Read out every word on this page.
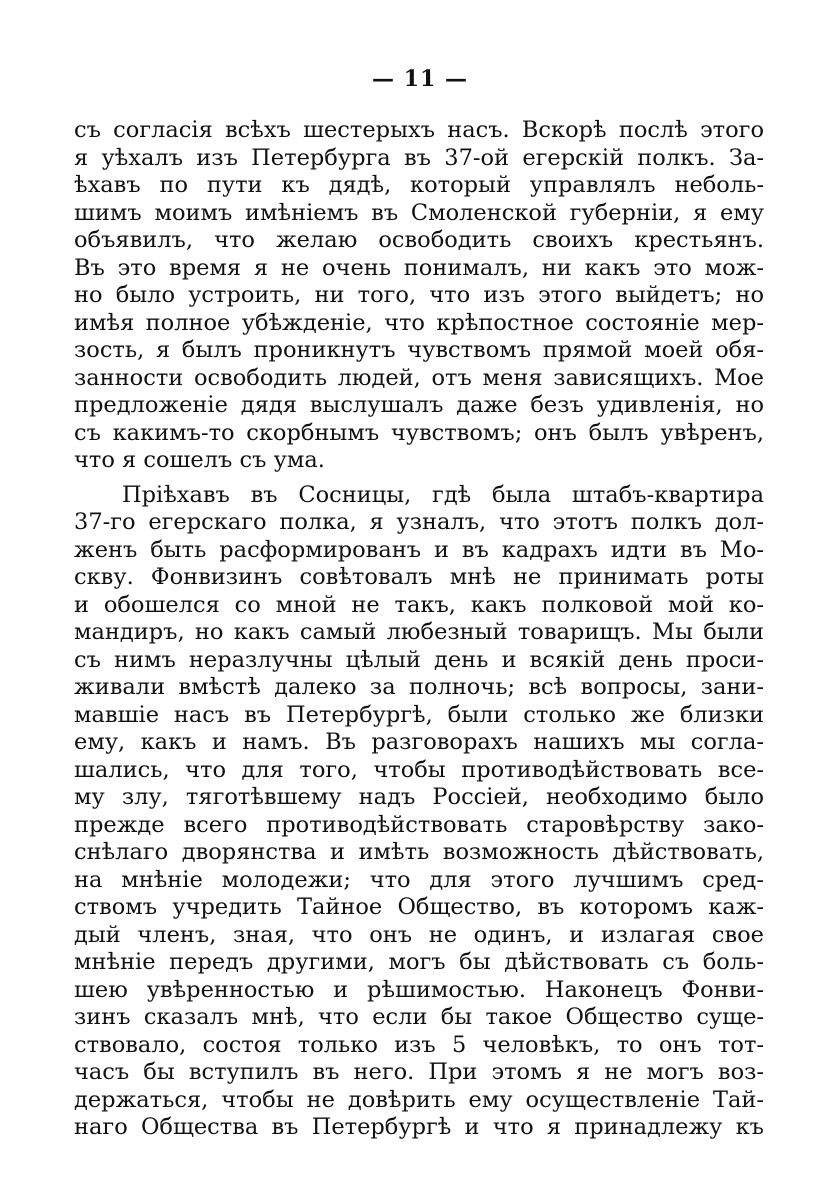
— 11 —
съ согласія всѣхъ шестерыхъ насъ. Вскорѣ послѣ этого
я уѣхалъ изъ Петербурга въ 37-ой егерскій полкъ. За-
ѣхавъ по пути къ дядѣ, который управлялъ неболь-
шимъ моимъ имѣніемъ въ Смоленской губерніи, я ему
объявилъ, что желаю освободить своихъ крестьянъ.
Въ это время я не очень понималъ, ни какъ это мож-
но было устроить, ни того, что изъ этого выйдетъ; но
имѣя полное убѣжденіе, что крѣпостное состояніе мер-
зость, я былъ проникнутъ чувствомъ прямой моей обя-
занности освободить людей, отъ меня зависящихъ. Мое
предложеніе дядя выслушалъ даже безъ удивленія, но
съ какимъ-то скорбнымъ чувствомъ; онъ былъ увѣренъ,
что я сошелъ съ ума.
Пріѣхавъ въ Сосницы, гдѣ была штабъ-квартира
37-го егерскаго полка, я узналъ, что этотъ полкъ дол-
женъ быть расформированъ и въ кадрахъ идти въ Мо-
скву. Фонвизинъ совѣтовалъ мнѣ не принимать роты
и обошелся со мной не такъ, какъ полковой мой ко-
мандиръ, но какъ самый любезный товарищъ. Мы были
съ нимъ неразлучны цѣлый день и всякій день проси-
живали вмѣстѣ далеко за полночь; всѣ вопросы, зани-
мавшіе насъ въ Петербургѣ, были столько же близки
ему, какъ и намъ. Въ разговорахъ нашихъ мы согла-
шались, что для того, чтобы противодѣйствовать все-
му злу, тяготѣвшему надъ Россіей, необходимо было
прежде всего противодѣйствовать старовѣрству зако-
снѣлаго дворянства и имѣть возможность дѣйствовать,
на мнѣніе молодежи; что для этого лучшимъ сред-
ствомъ учредить Тайное Общество, въ которомъ каж-
дый членъ, зная, что онъ не одинъ, и излагая свое
мнѣніе передъ другими, могъ бы дѣйствовать съ боль-
шею увѣренностью и рѣшимостью. Наконецъ Фонви-
зинъ сказалъ мнѣ, что если бы такое Общество суще-
ствовало, состоя только изъ 5 человѣкъ, то онъ тот-
часъ бы вступилъ въ него. При этомъ я не могъ воз-
держаться, чтобы не довѣрить ему осуществленіе Тай-
наго Общества въ Петербургѣ и что я принадлежу къ
